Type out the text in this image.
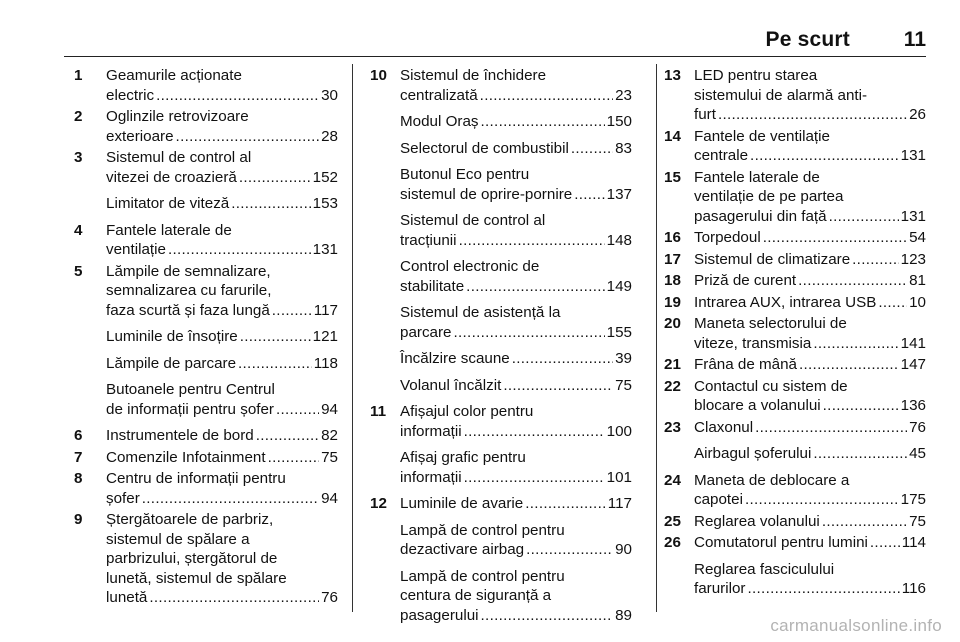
Pe scurt	11
1 Geamurile acționate
electric .....	30
2 Oglinzile retrovizoare
exterioare .....	28
3 Sistemul de control al
vitezei de croazieră .....	152
Limitator de viteză .....	153
4 Fantele laterale de
ventilație .....	131
5 Lămpile de semnalizare,
semnalizarea cu farurile,
faza scurtă și faza lungă .....	117
Luminile de însoțire .....	121
Lămpile de parcare .....	118
Butoanele pentru Centrul
de informații pentru șofer .....	94
6 Instrumentele de bord .....	82
7 Comenzile Infotainment .....	75
8 Centru de informații pentru
șofer .....	94
9 Ștergătoarele de parbriz,
sistemul de spălare a
parbrizului, ștergătorul de
lunetă, sistemul de spălare
lunetă .....	76
10 Sistemul de închidere
centralizată .....	23
Modul Oraș .....	150
Selectorul de combustibil .....	83
Butonul Eco pentru
sistemul de oprire-pornire ..... 137
Sistemul de control al
tracțiunii .....	148
Control electronic de
stabilitate .....	149
Sistemul de asistență la
parcare .....	155
Încălzire scaune .....	39
Volanul încălzit .....	75
11 Afișajul color pentru
informații .....	100
Afișaj grafic pentru
informații .....	101
12 Luminile de avarie .....	117
Lampă de control pentru
dezactivare airbag .....	90
Lampă de control pentru
centura de siguranță a
pasagerului .....	89
13 LED pentru starea
sistemului de alarmă anti-
furt .....	26
14 Fantele de ventilație
centrale .....	131
15 Fantele laterale de
ventilație de pe partea
pasagerului din față .....	131
16 Torpedoul .....	54
17 Sistemul de climatizare .....	123
18 Priză de curent .....	81
19 Intrarea AUX, intrarea USB ..... 10
20 Maneta selectorului de
viteze, transmisia .....	141
21 Frâna de mână .....	147
22 Contactul cu sistem de
blocare a volanului .....	136
23 Claxonul .....	76
Airbagul șoferului .....	45
24 Maneta de deblocare a
capotei .....	175
25 Reglarea volanului .....	75
26 Comutatorul pentru lumini ..... 114
Reglarea fasciculului
farurilor .....	116
carmanualsonline.info
